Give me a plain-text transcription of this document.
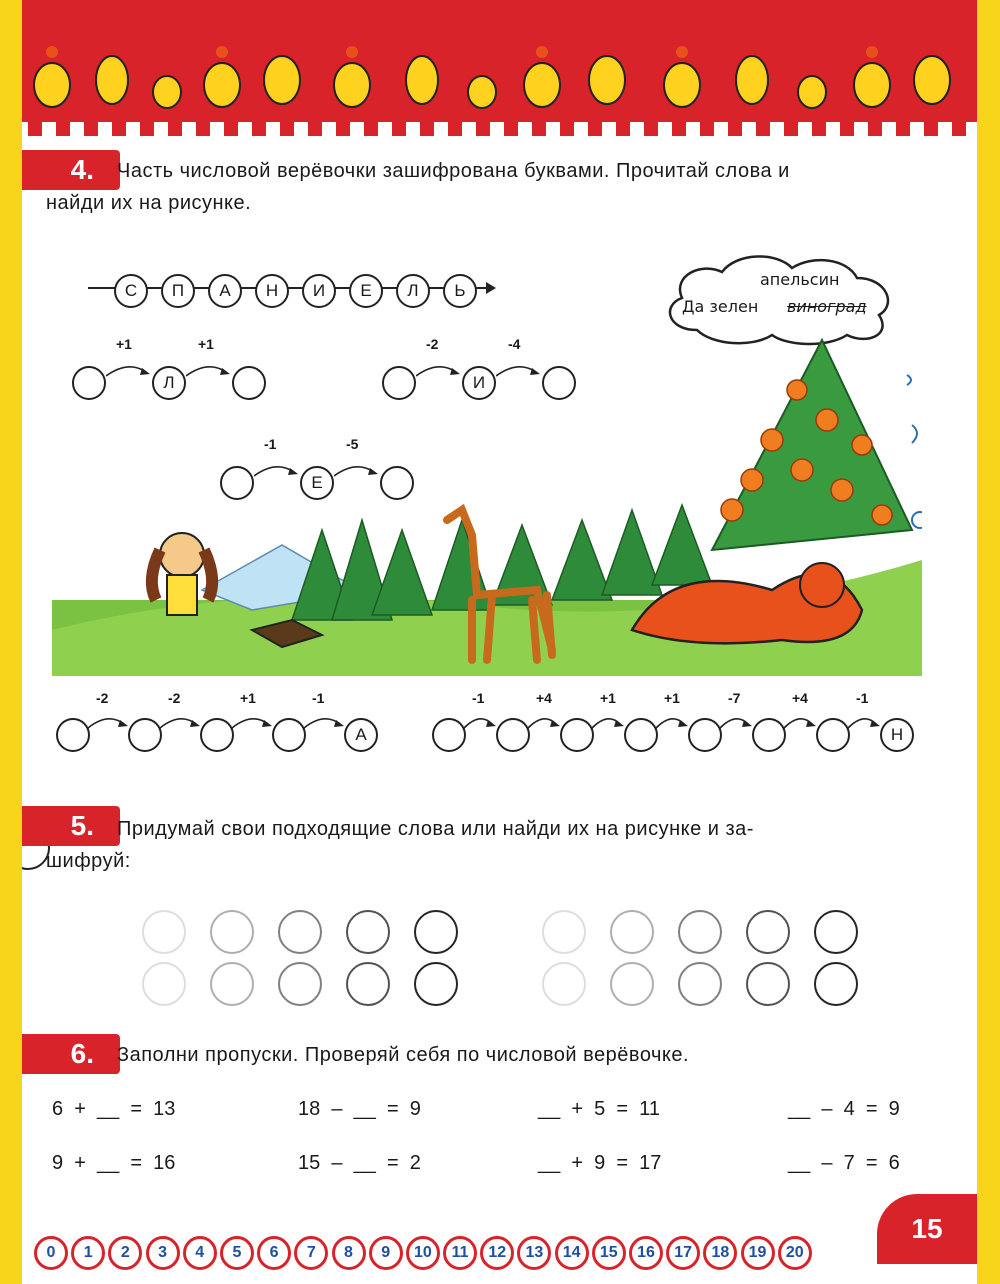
4.	Часть числовой верёвочки зашифрована буквами. Прочитай слова и
найди их на рисунке.
апельсин
Да зелен виноград
5.	Придумай свои подходящие слова или найди их на рисунке и за-
шифруй:
6.	Заполни пропуски. Проверяй себя по числовой верёвочке.
0	1	2	3	4	5	6	7	8	9	10	11	12	13	14	15	16	17	18	19	20
15
С	П	А	Н	И	Е	Л	Ь
+1
Л
+1	-2
И
-4
-1
Е
-5
-2	-2	+1	-1
А
-1	+4	+1	+1	-7	+4	-1
Н
6  +  __  =  13	18  –  __  =  9	__  +  5  =  11	__  –  4  =  9
9  +  __  =  16	15  –  __  =  2	__  +  9  =  17	__  –  7  =  6
